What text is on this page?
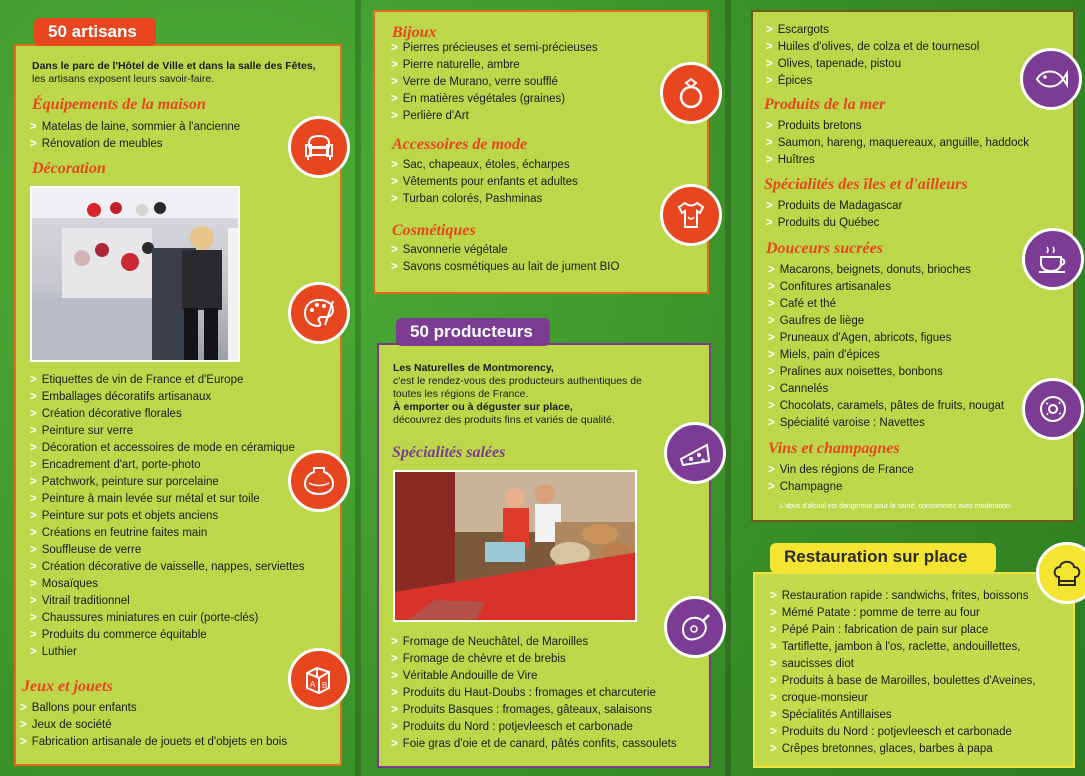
50 artisans
Dans le parc de l'Hôtel de Ville et dans la salle des Fêtes,
les artisans exposent leurs savoir-faire.
Équipements de la maison
> Matelas de laine, sommier à l'ancienne
> Rénovation de meubles
Décoration
> Etiquettes de vin de France et d'Europe
> Emballages décoratifs artisanaux
> Création décorative florales
> Peinture sur verre
> Décoration et accessoires de mode en céramique
> Encadrement d'art, porte-photo
> Patchwork, peinture sur porcelaine
> Peinture à main levée sur métal et sur toile
> Peinture sur pots et objets anciens
> Créations en feutrine faites main
> Souffleuse de verre
> Création décorative de vaisselle, nappes, serviettes
> Mosaïques
> Vitrail traditionnel
> Chaussures miniatures en cuir (porte-clés)
> Produits du commerce équitable
> Luthier
Jeux et jouets
> Ballons pour enfants
> Jeux de société
> Fabrication artisanale de jouets et d'objets en bois
A B
Bijoux
> Pierres précieuses et semi-précieuses
> Pierre naturelle, ambre
> Verre de Murano, verre soufflé
> En matières végétales (graines)
> Perlière d'Art
Accessoires de mode
> Sac, chapeaux, étoles, écharpes
> Vêtements pour enfants et adultes
> Turban colorés, Pashminas
Cosmétiques
> Savonnerie végétale
> Savons cosmétiques au lait de jument BIO
50 producteurs
Les Naturelles de Montmorency,
c'est le rendez-vous des producteurs authentiques de toutes les régions de France.
À emporter ou à déguster sur place,
découvrez des produits fins et variés de qualité.
Spécialités salées
> Fromage de Neuchâtel, de Maroilles
> Fromage de chèvre et de brebis
> Véritable Andouille de Vire
> Produits du Haut-Doubs : fromages et charcuterie
> Produits Basques : fromages, gâteaux, salaisons
> Produits du Nord : potjevleesch et carbonade
> Foie gras d'oie et de canard, pâtés confits, cassoulets
> Escargots
> Huiles d'olives, de colza et de tournesol
> Olives, tapenade, pistou
> Épices
Produits de la mer
> Produits bretons
> Saumon, hareng, maquereaux, anguille, haddock
> Huîtres
Spécialités des îles et d'ailleurs
> Produits de Madagascar
> Produits du Québec
Douceurs sucrées
> Macarons, beignets, donuts, brioches
> Confitures artisanales
> Café et thé
> Gaufres de liège
> Pruneaux d'Agen, abricots, figues
> Miels, pain d'épices
> Pralines aux noisettes, bonbons
> Cannelés
> Chocolats, caramels, pâtes de fruits, nougat
> Spécialité varoise : Navettes
Vins et champagnes
> Vin des régions de France
> Champagne
L'abus d'alcool est dangereux pour la santé, consommez avec modération.
Restauration sur place
> Restauration rapide : sandwichs, frites, boissons
> Mémé Patate : pomme de terre au four
> Pépé Pain : fabrication de pain sur place
> Tartiflette, jambon à l'os, raclette, andouillettes,
> saucisses diot
> Produits à base de Maroilles, boulettes d'Aveines,
> croque-monsieur
> Spécialités Antillaises
> Produits du Nord : potjevleesch et carbonade
> Crêpes bretonnes, glaces, barbes à papa
